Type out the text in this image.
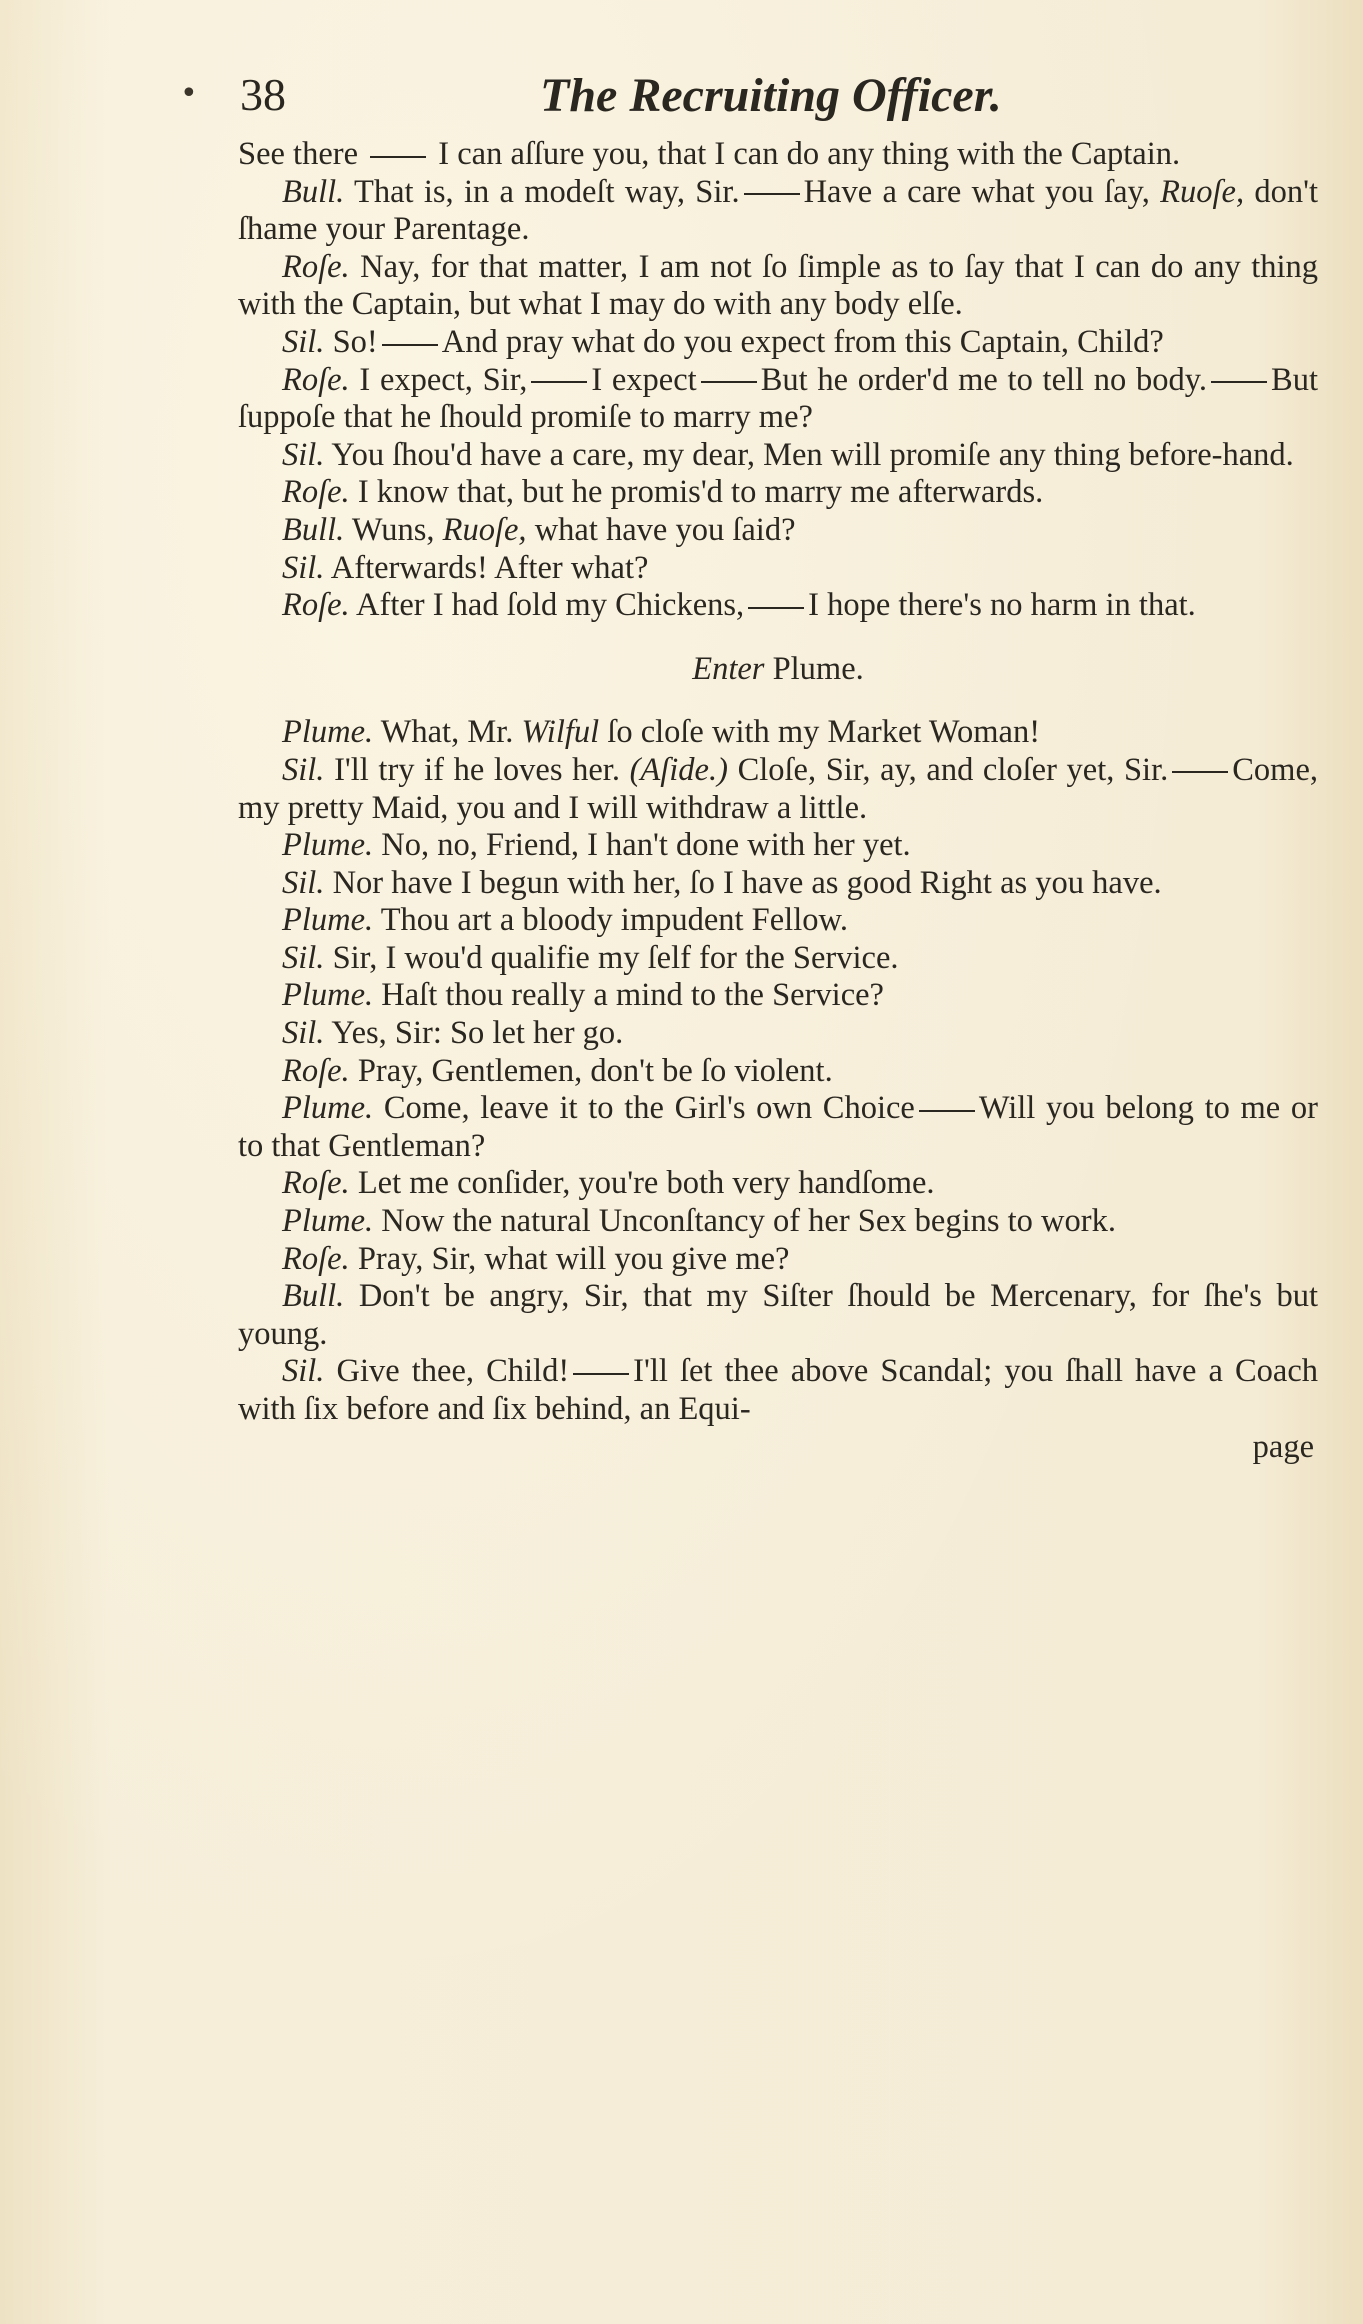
• 38	The Recruiting Officer.

See there I can aſſure you, that I can do any thing with the Captain.

Bull. That is, in a modeſt way, Sir. Have a care what you ſay, Ruoſe, don't ſhame your Parentage.

Roſe. Nay, for that matter, I am not ſo ſimple as to ſay that I can do any thing with the Captain, but what I may do with any body elſe.

Sil. So! And pray what do you expect from this Captain, Child?

Roſe. I expect, Sir, I expect But he order'd me to tell no body. But ſuppoſe that he ſhould promiſe to marry me?

Sil. You ſhou'd have a care, my dear, Men will promiſe any thing before-hand.

Roſe. I know that, but he promis'd to marry me afterwards.

Bull. Wuns, Ruoſe, what have you ſaid?

Sil. Afterwards! After what?

Roſe. After I had ſold my Chickens, I hope there's no harm in that.

Enter Plume.

Plume. What, Mr. Wilful ſo cloſe with my Market Woman!

Sil. I'll try if he loves her. (Aſide.) Cloſe, Sir, ay, and cloſer yet, Sir. Come, my pretty Maid, you and I will withdraw a little.

Plume. No, no, Friend, I han't done with her yet.

Sil. Nor have I begun with her, ſo I have as good Right as you have.

Plume. Thou art a bloody impudent Fellow.

Sil. Sir, I wou'd qualifie my ſelf for the Service.

Plume. Haſt thou really a mind to the Service?

Sil. Yes, Sir: So let her go.

Roſe. Pray, Gentlemen, don't be ſo violent.

Plume. Come, leave it to the Girl's own Choice Will you belong to me or to that Gentleman?

Roſe. Let me conſider, you're both very handſome.

Plume. Now the natural Unconſtancy of her Sex begins to work.

Roſe. Pray, Sir, what will you give me?

Bull. Don't be angry, Sir, that my Siſter ſhould be Mercenary, for ſhe's but young.

Sil. Give thee, Child! I'll ſet thee above Scandal; you ſhall have a Coach with ſix before and ſix behind, an Equi-

page
